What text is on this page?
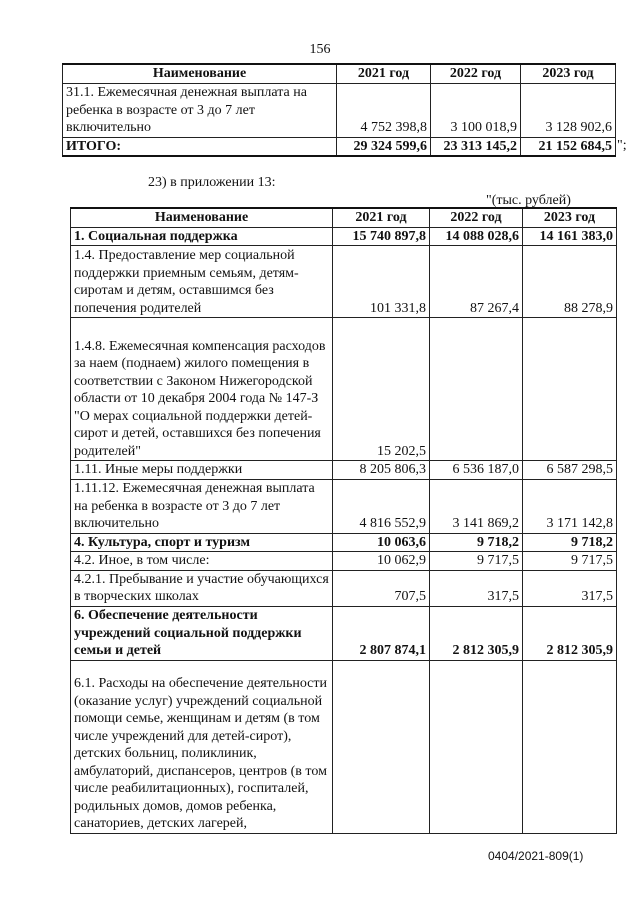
156
Наименование	2021 год	2022 год	2023 год
31.1. Ежемесячная денежная выплата на ребенка в возрасте от 3 до 7 лет включительно	4 752 398,8	3 100 018,9	3 128 902,6
ИТОГО:	29 324 599,6	23 313 145,2	21 152 684,5 ";
23) в приложении 13:
"(тыс. рублей)
Наименование	2021 год	2022 год	2023 год
1. Социальная поддержка	15 740 897,8	14 088 028,6	14 161 383,0
1.4. Предоставление мер социальной поддержки приемным семьям, детям-сиротам и детям, оставшимся без попечения родителей	101 331,8	87 267,4	88 278,9
1.4.8. Ежемесячная компенсация расходов за наем (поднаем) жилого помещения в соответствии с Законом Нижегородской области от 10 декабря 2004 года № 147-З "О мерах социальной поддержки детей-сирот и детей, оставшихся без попечения родителей"	15 202,5		
1.11. Иные меры поддержки	8 205 806,3	6 536 187,0	6 587 298,5
1.11.12. Ежемесячная денежная выплата на ребенка в возрасте от 3 до 7 лет включительно	4 816 552,9	3 141 869,2	3 171 142,8
4. Культура, спорт и туризм	10 063,6	9 718,2	9 718,2
4.2. Иное, в том числе:	10 062,9	9 717,5	9 717,5
4.2.1. Пребывание и участие обучающихся в творческих школах	707,5	317,5	317,5
6. Обеспечение деятельности учреждений социальной поддержки семьи и детей	2 807 874,1	2 812 305,9	2 812 305,9
6.1. Расходы на обеспечение деятельности (оказание услуг) учреждений социальной помощи семье, женщинам и детям (в том числе учреждений для детей-сирот), детских больниц, поликлиник, амбулаторий, диспансеров, центров (в том числе реабилитационных), госпиталей, родильных домов, домов ребенка, санаториев, детских лагерей,			
0404/2021-809(1)
